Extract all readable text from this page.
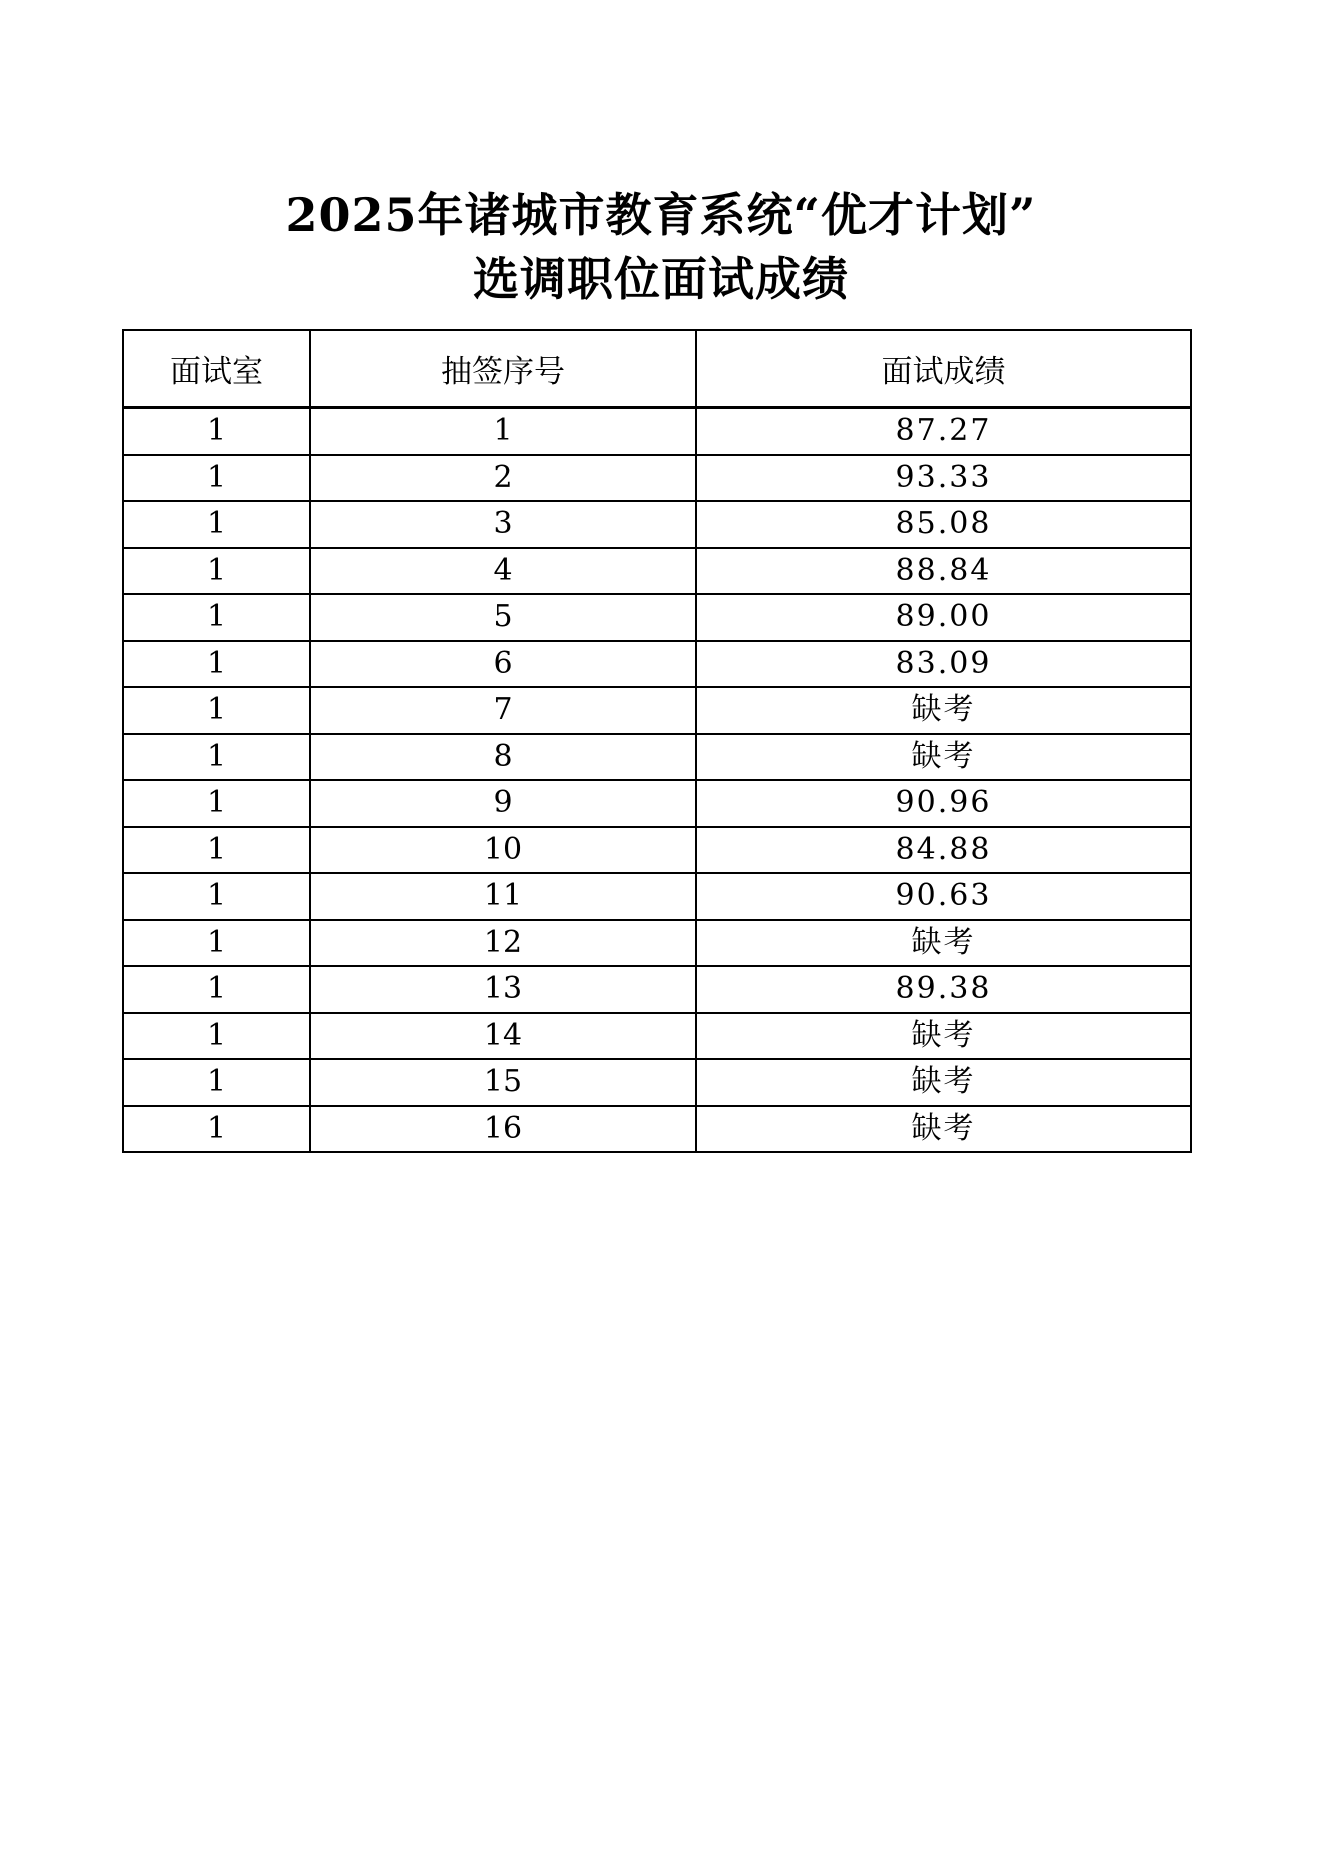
2025年诸城市教育系统“优才计划”
选调职位面试成绩
面试室	抽签序号	面试成绩
1	1	87.27
1	2	93.33
1	3	85.08
1	4	88.84
1	5	89.00
1	6	83.09
1	7	缺考
1	8	缺考
1	9	90.96
1	10	84.88
1	11	90.63
1	12	缺考
1	13	89.38
1	14	缺考
1	15	缺考
1	16	缺考
